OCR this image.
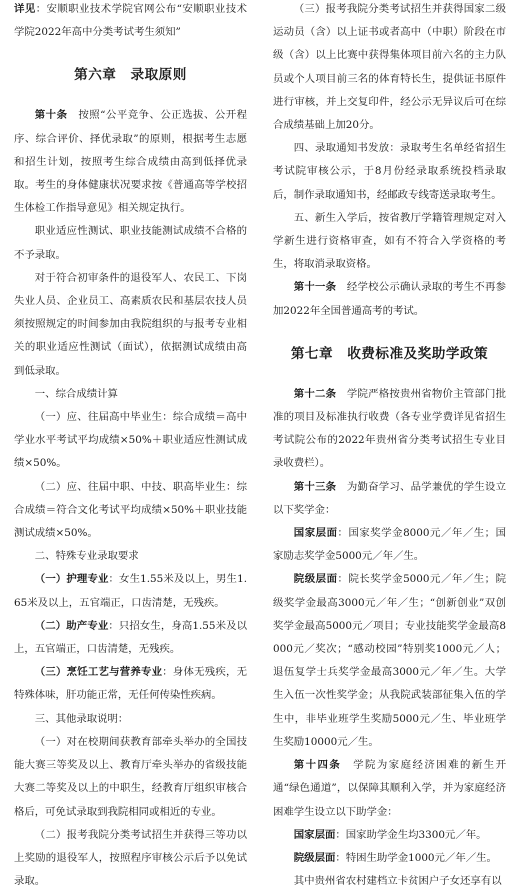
详见：安顺职业技术学院官网公布“安顺职业技术学院2022年高中分类考试考生须知”

第六章　录取原则

第十条　按照“公平竞争、公正选拔、公开程序、综合评价、择优录取”的原则，根据考生志愿和招生计划，按照考生综合成绩由高到低择优录取。考生的身体健康状况要求按《普通高等学校招生体检工作指导意见》相关规定执行。

职业适应性测试、职业技能测试成绩不合格的不予录取。

对于符合初审条件的退役军人、农民工、下岗失业人员、企业员工、高素质农民和基层农技人员须按照规定的时间参加由我院组织的与报考专业相关的职业适应性测试（面试），依据测试成绩由高到低录取。

一、综合成绩计算

（一）应、往届高中毕业生：综合成绩＝高中学业水平考试平均成绩×50%＋职业适应性测试成绩×50%。

（二）应、往届中职、中技、职高毕业生：综合成绩＝符合文化考试平均成绩×50%＋职业技能测试成绩×50%。

二、特殊专业录取要求

（一）护理专业：女生1.55米及以上，男生1.65米及以上，五官端正，口齿清楚，无残疾。

（二）助产专业：只招女生，身高1.55米及以上，五官端正，口齿清楚，无残疾。

（三）烹饪工艺与营养专业：身体无残疾，无特殊体味，肝功能正常，无任何传染性疾病。

三、其他录取说明：

（一）对在校期间获教育部牵头举办的全国技能大赛三等奖及以上、教育厅牵头举办的省级技能大赛二等奖及以上的中职生，经教育厅组织审核合格后，可免试录取到我院相同或相近的专业。

（二）报考我院分类考试招生并获得三等功以上奖励的退役军人，按照程序审核公示后予以免试录取。

（三）报考我院分类考试招生并获得国家二级运动员（含）以上证书或者高中（中职）阶段在市级（含）以上比赛中获得集体项目前六名的主力队员或个人项目前三名的体育特长生，提供证书原件进行审核，并上交复印件，经公示无异议后可在综合成绩基础上加20分。

四、录取通知书发放：录取考生名单经省招生考试院审核公示，于8月份经录取系统投档录取后，制作录取通知书，经邮政专线寄送录取考生。

五、新生入学后，按省教厅学籍管理规定对入学新生进行资格审查，如有不符合入学资格的考生，将取消录取资格。

第十一条　经学校公示确认录取的考生不再参加2022年全国普通高考的考试。

第七章　收费标准及奖助学政策

第十二条　学院严格按贵州省物价主管部门批准的项目及标准执行收费（各专业学费详见省招生考试院公布的2022年贵州省分类考试招生专业目录收费栏）。

第十三条　为勤奋学习、品学兼优的学生设立以下奖学金：

国家层面：国家奖学金8000元／年／生；国家励志奖学金5000元／年／生。

院级层面：院长奖学金5000元／年／生；院级奖学金最高3000元／年／生；“创新创业”双创奖学金最高5000元／项目；专业技能奖学金最高8000元／奖次；“感动校园”特别奖1000元／人；退伍复学士兵奖学金最高3000元／年／生。大学生入伍一次性奖学金；从我院武装部征集入伍的学生中，非毕业班学生奖励5000元／生、毕业班学生奖励10000元／生。

第十四条　学院为家庭经济困难的新生开通“绿色通道”，以保障其顺利入学，并为家庭经济困难学生设立以下助学金：

国家层面：国家助学金生均3300元／年。

院级层面：特困生助学金1000元／年／生。

其中贵州省农村建档立卡贫困户子女还享有以
